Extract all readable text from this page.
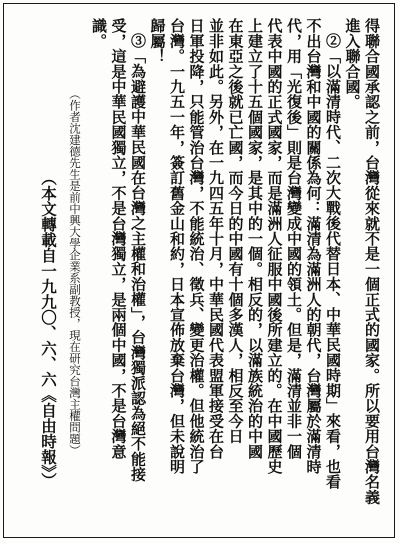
得聯合國承認之前，台灣從來就不是一個正式的國家。所以要用台灣名義
進入聯合國。
②「以滿清時代、二次大戰後代替日本、中華民國時期」來看，也看
不出台灣和中國的關係為何：滿清為滿洲人的朝代，台灣屬於滿清時
代，用「光復後」則是台灣變成中國的領土。但是，滿清並非一個
代表中國的正式國家，而是滿洲人征服中國後所建立的。在中國歷史
上建立了十五個國家，是其中的一個。相反的，以滿族統治的中國
在東亞之後就已亡國，而今日的中國有十個多漢人，相反至今日
並非如此。另外，在一九四五年十月，中華民國代表盟軍接受在台
日軍投降，只能管治台灣，不能統治、徵兵、變更治權。但他統治了
台灣。一九五一年，簽訂舊金山和約，日本宣佈放棄台灣，但未說明
歸屬！
③「為避護中華民國在台灣之主權和治權」，台灣獨派認為絕不能接
受，這是中華民國獨立，不是台灣獨立，是兩個中國，不是台灣意
識。
（作者沈建德先生是前中興大學企業系副教授，現在研究台灣主權問題）
（本文轉載自一九九〇、六、六《自由時報》）
